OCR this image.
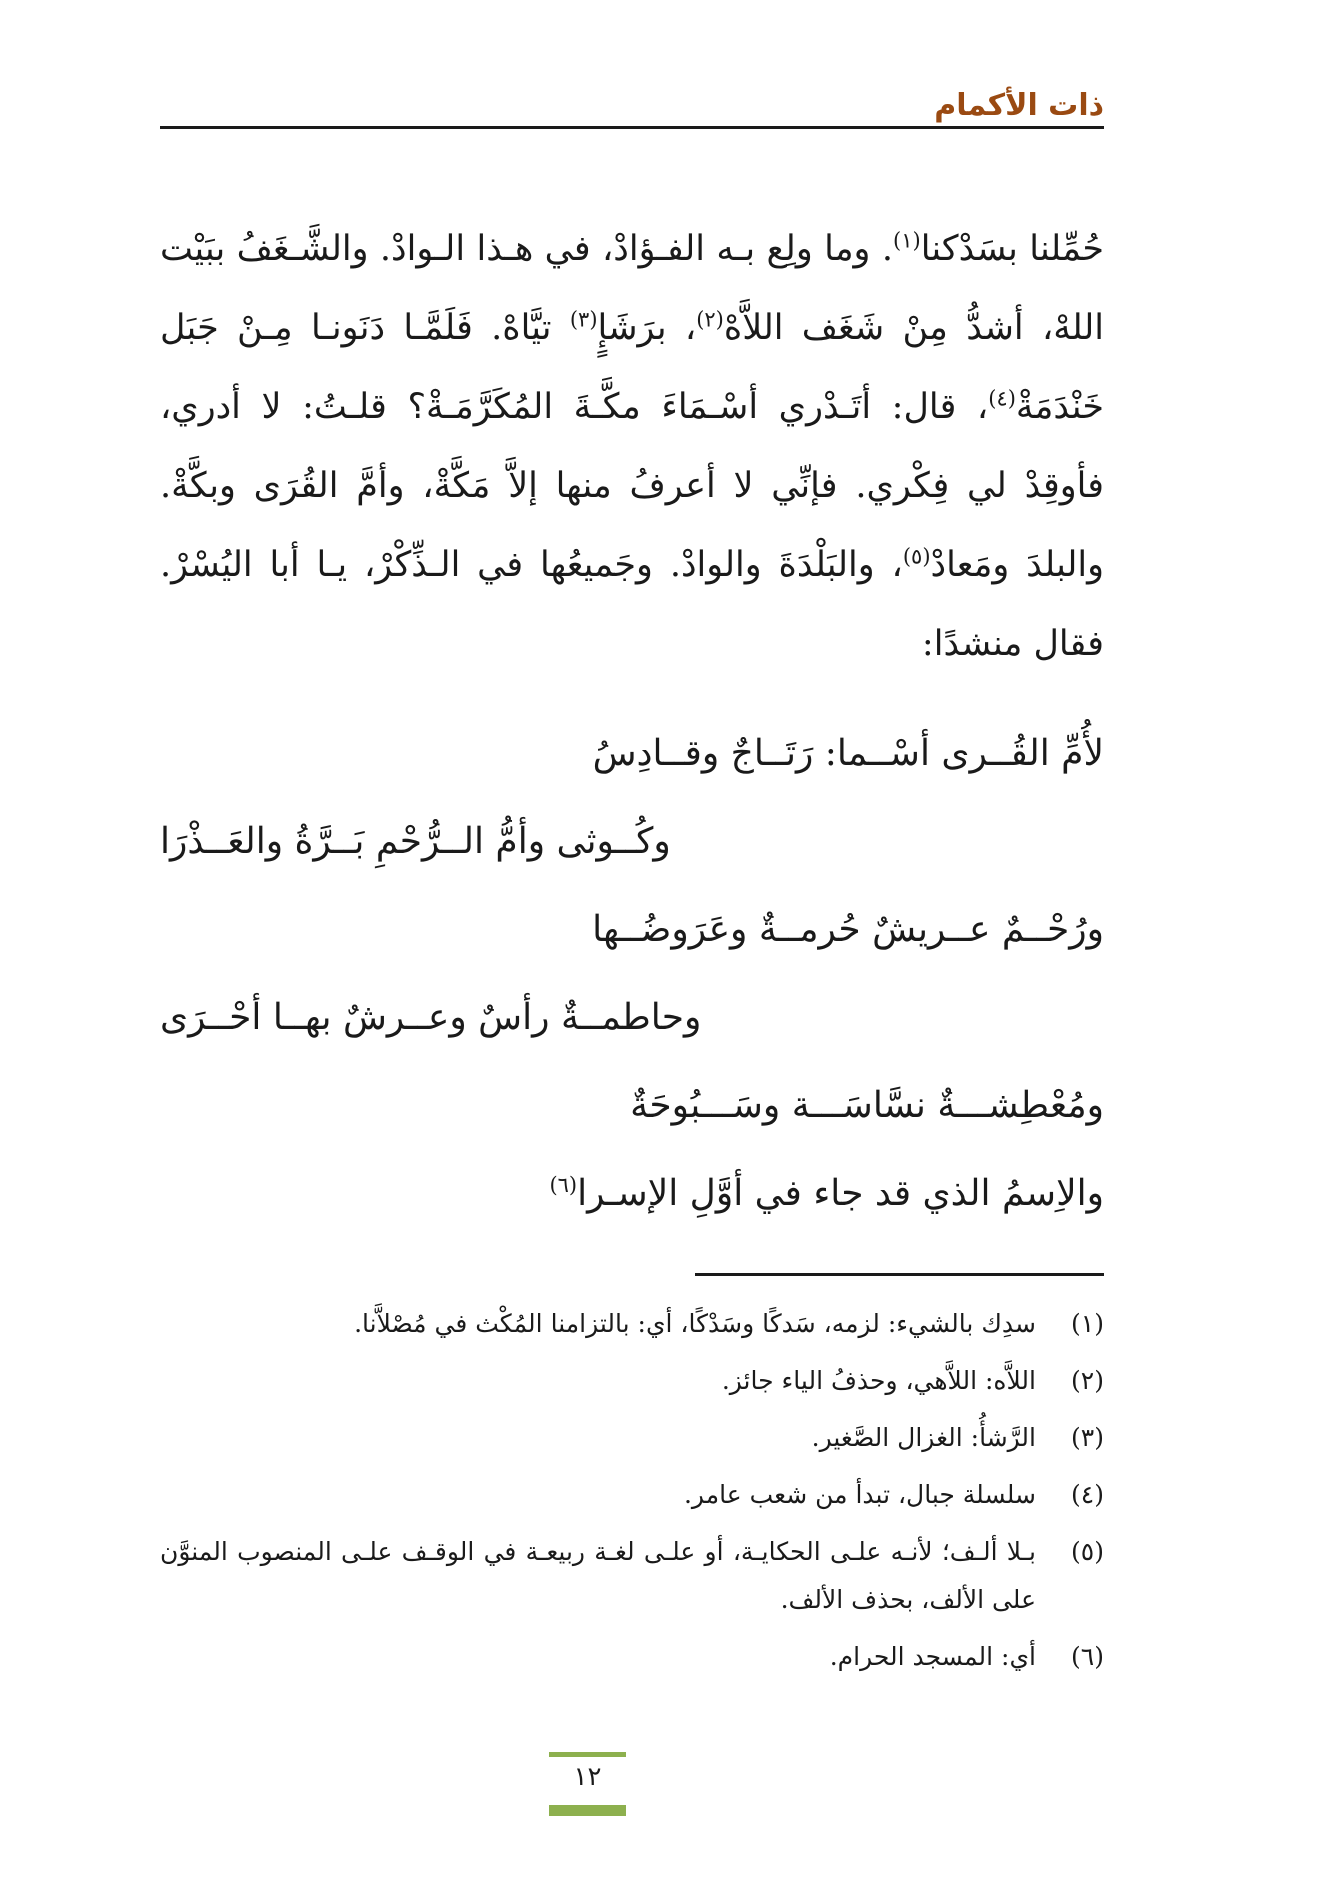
ذات الأكمام

حُمِّلنا بسَدْكنا$^{(١)}$. وما ولِع بـه الفـؤادْ، في هـذا الـوادْ. والشَّـغَفُ ببَيْت اللهْ، أشدُّ مِنْ شَغَف اللاَّهْ$^{(٢)}$، برَشَإٍ$^{(٣)}$ تيَّاهْ. فَلَمَّـا دَنَونـا مِـنْ جَبَل خَنْدَمَةْ$^{(٤)}$، قال: أتَـدْري أسْـمَاءَ مكَّـةَ المُكَرَّمَـةْ؟ قلـتُ: لا أدري، فأوقِدْ لي فِكْري. فإنِّي لا أعرفُ منها إلاَّ مَكَّةْ، وأمَّ القُرَى وبكَّةْ. والبلدَ ومَعادْ$^{(٥)}$، والبَلْدَةَ والوادْ. وجَميعُها في الـذِّكْرْ، يـا أبا اليُسْرْ. فقال منشدًا:

لأُمِّ القُــرى أسْــما: رَتَــاجٌ وقــادِسُ
وكُــوثى وأمُّ الــرُّحْمِ بَــرَّةُ والعَــذْرَا
ورُحْــمٌ عــريشٌ حُرمــةٌ وعَرَوضُــها
وحاطمــةٌ رأسٌ وعــرشٌ بهــا أحْــرَى
ومُعْطِشـــةٌ نسَّاسَـــة وسَـــبُوحَةٌ
والاِسمُ الذي قد جاء في أوَّلِ الإسـرا$^{(٦)}$
(١)
سدِك بالشيء: لزمه، سَدكًا وسَدْكًا، أي: بالتزامنا المُكْث في مُصْلاَّنا.
(٢)
اللاَّه: اللاَّهي، وحذفُ الياء جائز.
(٣)
الرَّشأُ: الغزال الصَّغير.
(٤)
سلسلة جبال، تبدأ من شعب عامر.
(٥)
بـلا ألـف؛ لأنـه علـى الحكايـة، أو علـى لغـة ربيعـة في الوقـف علـى المنصوب المنوَّن على الألف، بحذف الألف.
(٦)
أي: المسجد الحرام.
١٢
